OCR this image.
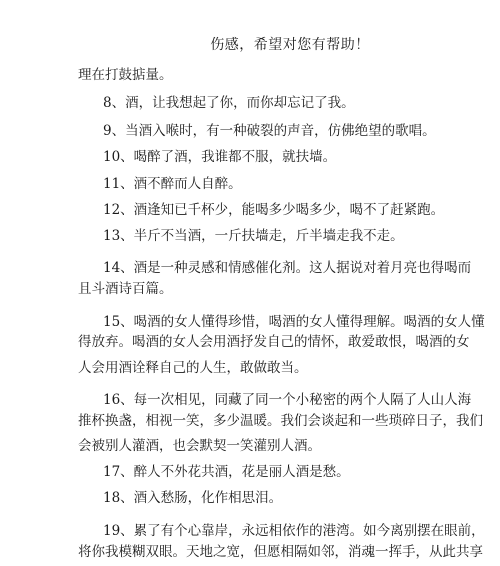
伤感，希望对您有帮助！
理在打鼓掂量。
8、酒，让我想起了你，而你却忘记了我。
9、当酒入喉时，有一种破裂的声音，仿佛绝望的歌唱。
10、喝醉了酒，我谁都不服，就扶墙。
11、酒不醉而人自醉。
12、酒逢知已千杯少，能喝多少喝多少，喝不了赶紧跑。
13、半斤不当酒，一斤扶墙走，斤半墙走我不走。
14、酒是一种灵感和情感催化剂。这人据说对着月亮也得喝而
且斗酒诗百篇。
15、喝酒的女人懂得珍惜，喝酒的女人懂得理解。喝酒的女人懂
得放弃。喝酒的女人会用酒抒发自己的情怀，敢爱敢恨，喝酒的女
人会用酒诠释自己的人生，敢做敢当。
16、每一次相见，同藏了同一个小秘密的两个人隔了人山人海
推杯换盏，相视一笑，多少温暖。我们会谈起和一些琐碎日子，我们
会被别人灌酒，也会默契一笑灌别人酒。
17、醉人不外花共酒，花是丽人酒是愁。
18、酒入愁肠，化作相思泪。
19、累了有个心靠岸，永远相依作的港湾。如今离别摆在眼前，
将你我模糊双眼。天地之宽，但愿相隔如邻，消魂一挥手，从此共享
